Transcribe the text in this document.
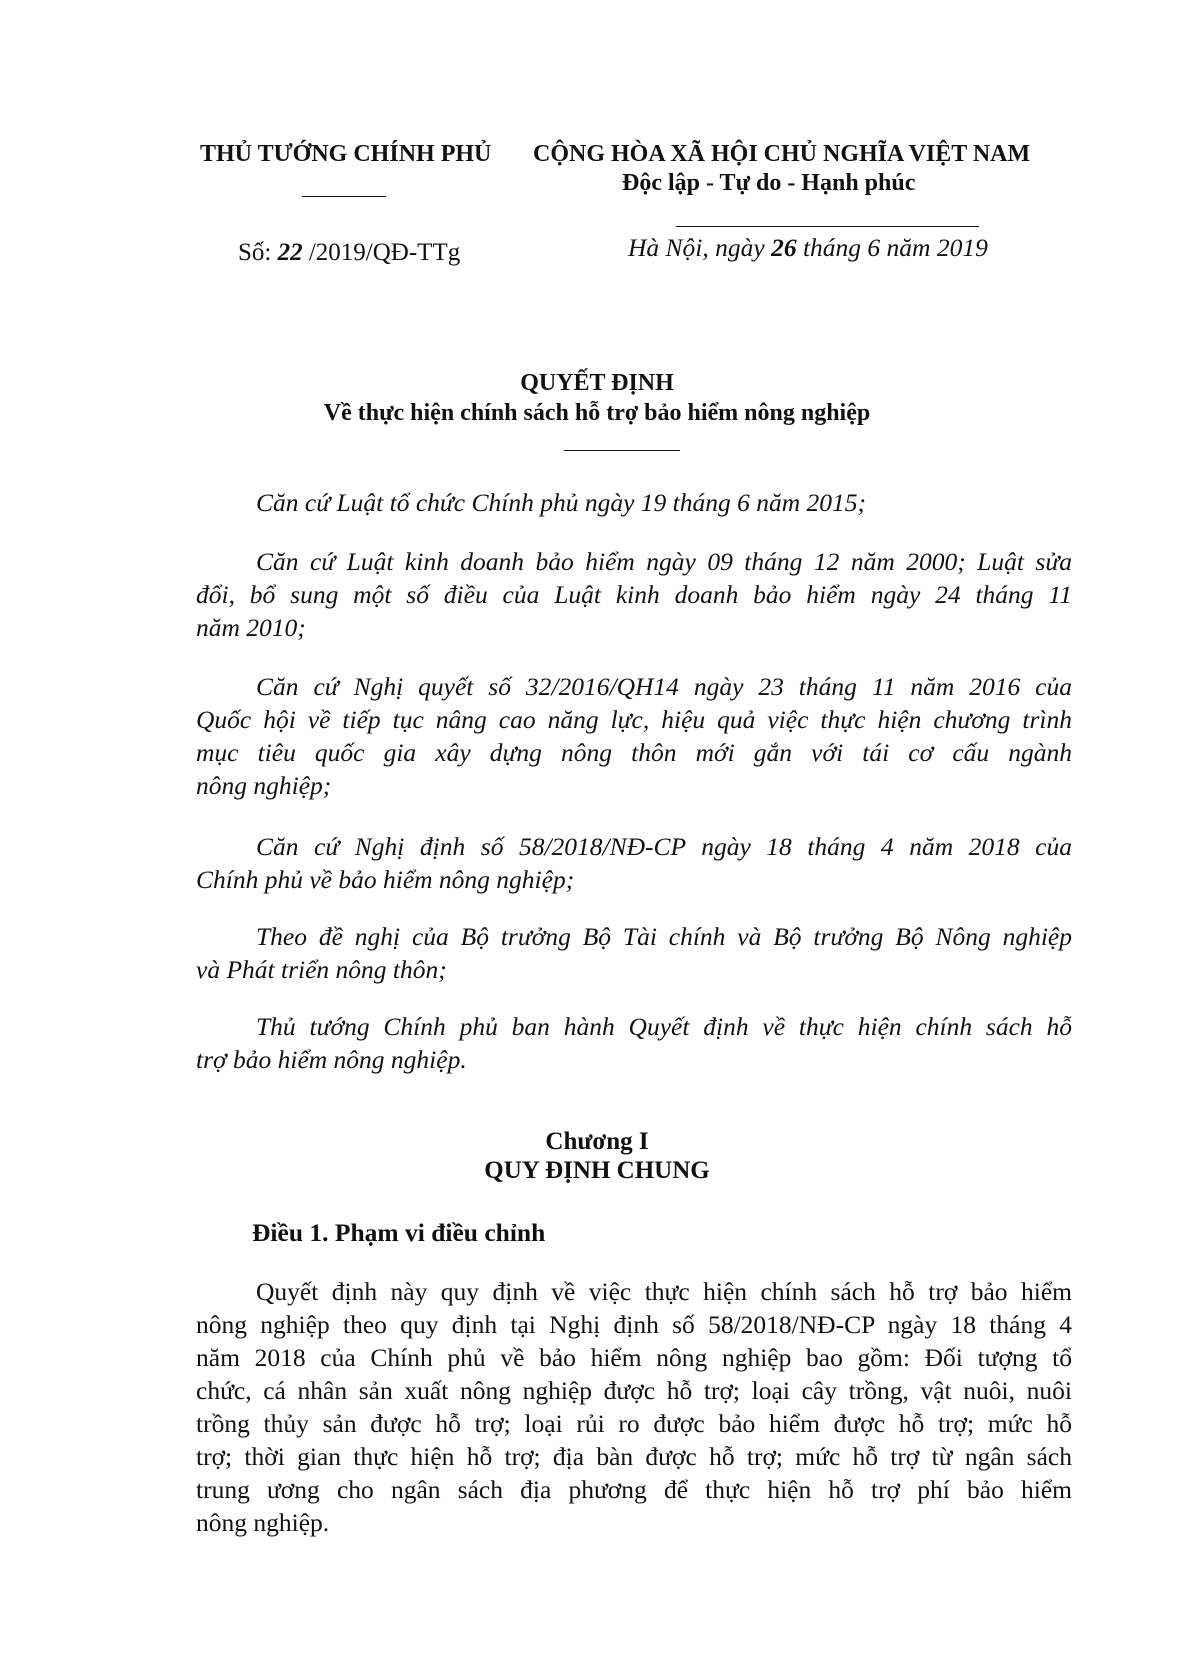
THỦ TƯỚNG CHÍNH PHỦ
Số: 22 /2019/QĐ-TTg
CỘNG HÒA XÃ HỘI CHỦ NGHĨA VIỆT NAM
Độc lập - Tự do - Hạnh phúc
Hà Nội, ngày 26 tháng 6 năm 2019
QUYẾT ĐỊNH
Về thực hiện chính sách hỗ trợ bảo hiểm nông nghiệp
Căn cứ Luật tổ chức Chính phủ ngày 19 tháng 6 năm 2015;
Căn cứ Luật kinh doanh bảo hiểm ngày 09 tháng 12 năm 2000; Luật sửa
đổi, bổ sung một số điều của Luật kinh doanh bảo hiểm ngày 24 tháng 11
năm 2010;
Căn cứ Nghị quyết số 32/2016/QH14 ngày 23 tháng 11 năm 2016 của
Quốc hội về tiếp tục nâng cao năng lực, hiệu quả việc thực hiện chương trình
mục tiêu quốc gia xây dựng nông thôn mới gắn với tái cơ cấu ngành
nông nghiệp;
Căn cứ Nghị định số 58/2018/NĐ-CP ngày 18 tháng 4 năm 2018 của
Chính phủ về bảo hiểm nông nghiệp;
Theo đề nghị của Bộ trưởng Bộ Tài chính và Bộ trưởng Bộ Nông nghiệp
và Phát triển nông thôn;
Thủ tướng Chính phủ ban hành Quyết định về thực hiện chính sách hỗ
trợ bảo hiểm nông nghiệp.
Chương I
QUY ĐỊNH CHUNG
Điều 1. Phạm vi điều chỉnh
Quyết định này quy định về việc thực hiện chính sách hỗ trợ bảo hiểm
nông nghiệp theo quy định tại Nghị định số 58/2018/NĐ-CP ngày 18 tháng 4
năm 2018 của Chính phủ về bảo hiểm nông nghiệp bao gồm: Đối tượng tổ
chức, cá nhân sản xuất nông nghiệp được hỗ trợ; loại cây trồng, vật nuôi, nuôi
trồng thủy sản được hỗ trợ; loại rủi ro được bảo hiểm được hỗ trợ; mức hỗ
trợ; thời gian thực hiện hỗ trợ; địa bàn được hỗ trợ; mức hỗ trợ từ ngân sách
trung ương cho ngân sách địa phương để thực hiện hỗ trợ phí bảo hiểm
nông nghiệp.
